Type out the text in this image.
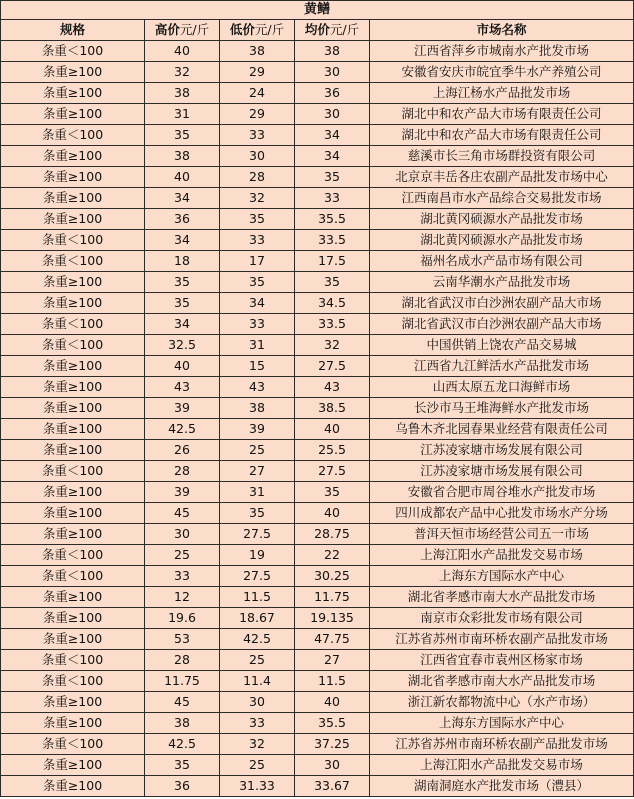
黄鳝				
规格	高价元/斤	低价元/斤	均价元/斤	市场名称
条重＜100	40	38	38	江西省萍乡市城南水产批发市场
条重≥100	32	29	30	安徽省安庆市皖宜季牛水产养殖公司
条重≥100	38	24	36	上海江杨水产品批发市场
条重≥100	31	29	30	湖北中和农产品大市场有限责任公司
条重＜100	35	33	34	湖北中和农产品大市场有限责任公司
条重≥100	38	30	34	慈溪市长三角市场群投资有限公司
条重≥100	40	28	35	北京京丰岳各庄农副产品批发市场中心
条重≥100	34	32	33	江西南昌市水产品综合交易批发市场
条重≥100	36	35	35.5	湖北黄冈硕源水产品批发市场
条重＜100	34	33	33.5	湖北黄冈硕源水产品批发市场
条重＜100	18	17	17.5	福州名成水产品市场有限公司
条重≥100	35	35	35	云南华潮水产品批发市场
条重≥100	35	34	34.5	湖北省武汉市白沙洲农副产品大市场
条重＜100	34	33	33.5	湖北省武汉市白沙洲农副产品大市场
条重＜100	32.5	31	32	中国供销上饶农产品交易城
条重≥100	40	15	27.5	江西省九江鲜活水产品批发市场
条重≥100	43	43	43	山西太原五龙口海鲜市场
条重≥100	39	38	38.5	长沙市马王堆海鲜水产批发市场
条重≥100	42.5	39	40	乌鲁木齐北园春果业经营有限责任公司
条重≥100	26	25	25.5	江苏凌家塘市场发展有限公司
条重＜100	28	27	27.5	江苏凌家塘市场发展有限公司
条重≥100	39	31	35	安徽省合肥市周谷堆水产批发市场
条重≥100	45	35	40	四川成都农产品中心批发市场水产分场
条重≥100	30	27.5	28.75	普洱天恒市场经营公司五一市场
条重＜100	25	19	22	上海江阳水产品批发交易市场
条重＜100	33	27.5	30.25	上海东方国际水产中心
条重≥100	12	11.5	11.75	湖北省孝感市南大水产品批发市场
条重≥100	19.6	18.67	19.135	南京市众彩批发市场有限公司
条重≥100	53	42.5	47.75	江苏省苏州市南环桥农副产品批发市场
条重＜100	28	25	27	江西省宜春市袁州区杨家市场
条重＜100	11.75	11.4	11.5	湖北省孝感市南大水产品批发市场
条重≥100	45	30	40	浙江新农都物流中心（水产市场）
条重≥100	38	33	35.5	上海东方国际水产中心
条重＜100	42.5	32	37.25	江苏省苏州市南环桥农副产品批发市场
条重≥100	35	25	30	上海江阳水产品批发交易市场
条重≥100	36	31.33	33.67	湖南洞庭水产批发市场（澧县）
